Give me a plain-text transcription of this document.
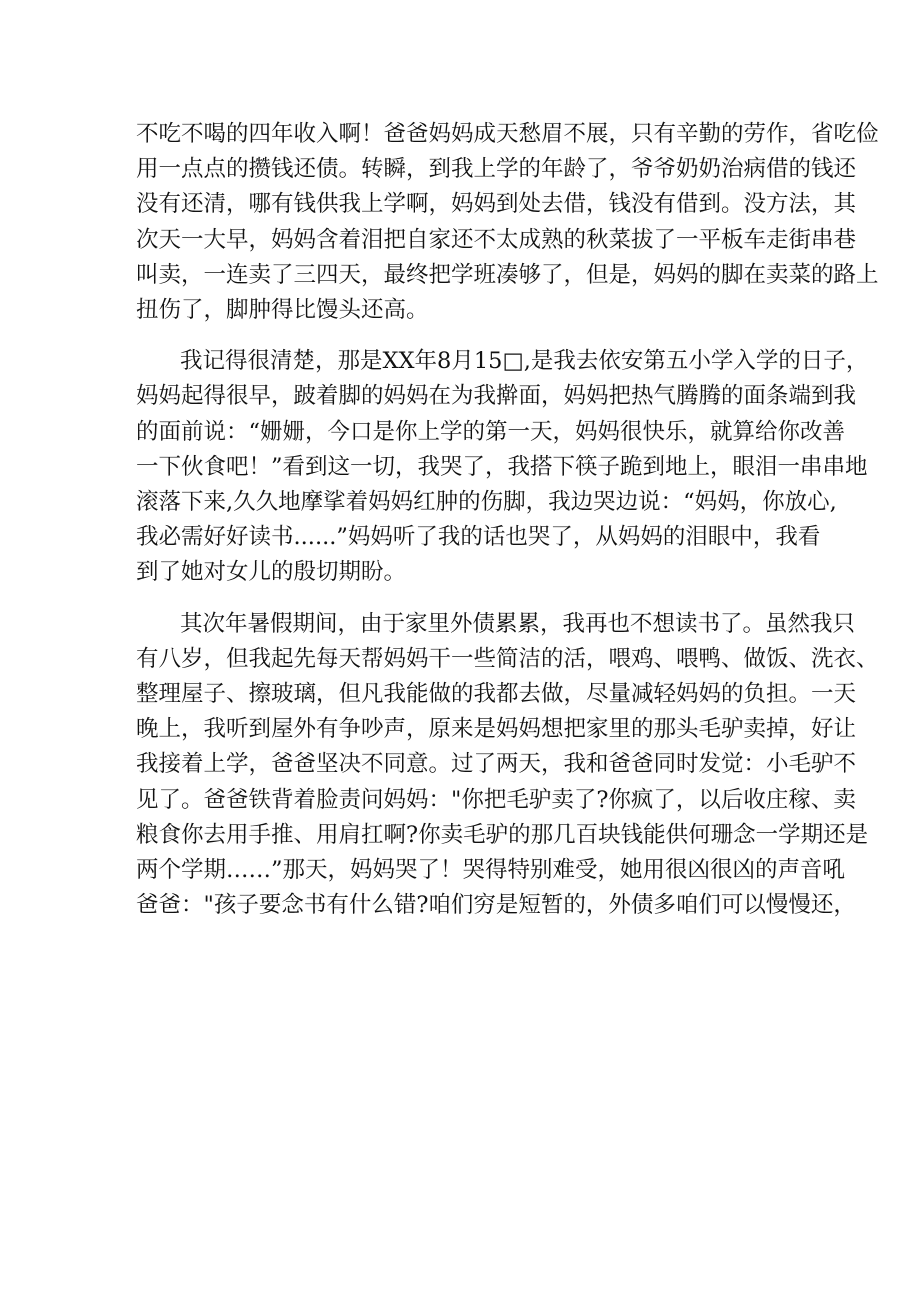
不吃不喝的四年收入啊！爸爸妈妈成天愁眉不展，只有辛勤的劳作，省吃俭
用一点点的攒钱还债。转瞬，到我上学的年龄了，爷爷奶奶治病借的钱还
没有还清，哪有钱供我上学啊，妈妈到处去借，钱没有借到。没方法，其
次天一大早，妈妈含着泪把自家还不太成熟的秋菜拔了一平板车走街串巷
叫卖，一连卖了三四天，最终把学班凑够了，但是，妈妈的脚在卖菜的路上
扭伤了，脚肿得比馒头还高。

我记得很清楚，那是XX年8月15□,是我去依安第五小学入学的日子，
妈妈起得很早，跛着脚的妈妈在为我擀面，妈妈把热气腾腾的面条端到我
的面前说：“姗姗，今口是你上学的第一天，妈妈很快乐，就算给你改善
一下伙食吧！”看到这一切，我哭了，我搭下筷子跪到地上，眼泪一串串地
滚落下来,久久地摩挲着妈妈红肿的伤脚，我边哭边说：“妈妈，你放心,
我必需好好读书......”妈妈听了我的话也哭了，从妈妈的泪眼中，我看
到了她对女儿的殷切期盼。

其次年暑假期间，由于家里外债累累，我再也不想读书了。虽然我只
有八岁，但我起先每天帮妈妈干一些简洁的活，喂鸡、喂鸭、做饭、洗衣、
整理屋子、擦玻璃，但凡我能做的我都去做，尽量减轻妈妈的负担。一天
晚上，我听到屋外有争吵声，原来是妈妈想把家里的那头毛驴卖掉，好让
我接着上学，爸爸坚决不同意。过了两天，我和爸爸同时发觉：小毛驴不
见了。爸爸铁背着脸责问妈妈："你把毛驴卖了?你疯了，以后收庄稼、卖
粮食你去用手推、用肩扛啊?你卖毛驴的那几百块钱能供何珊念一学期还是
两个学期……”那天，妈妈哭了！哭得特别难受，她用很凶很凶的声音吼
爸爸："孩子要念书有什么错?咱们穷是短暂的，外债多咱们可以慢慢还，
